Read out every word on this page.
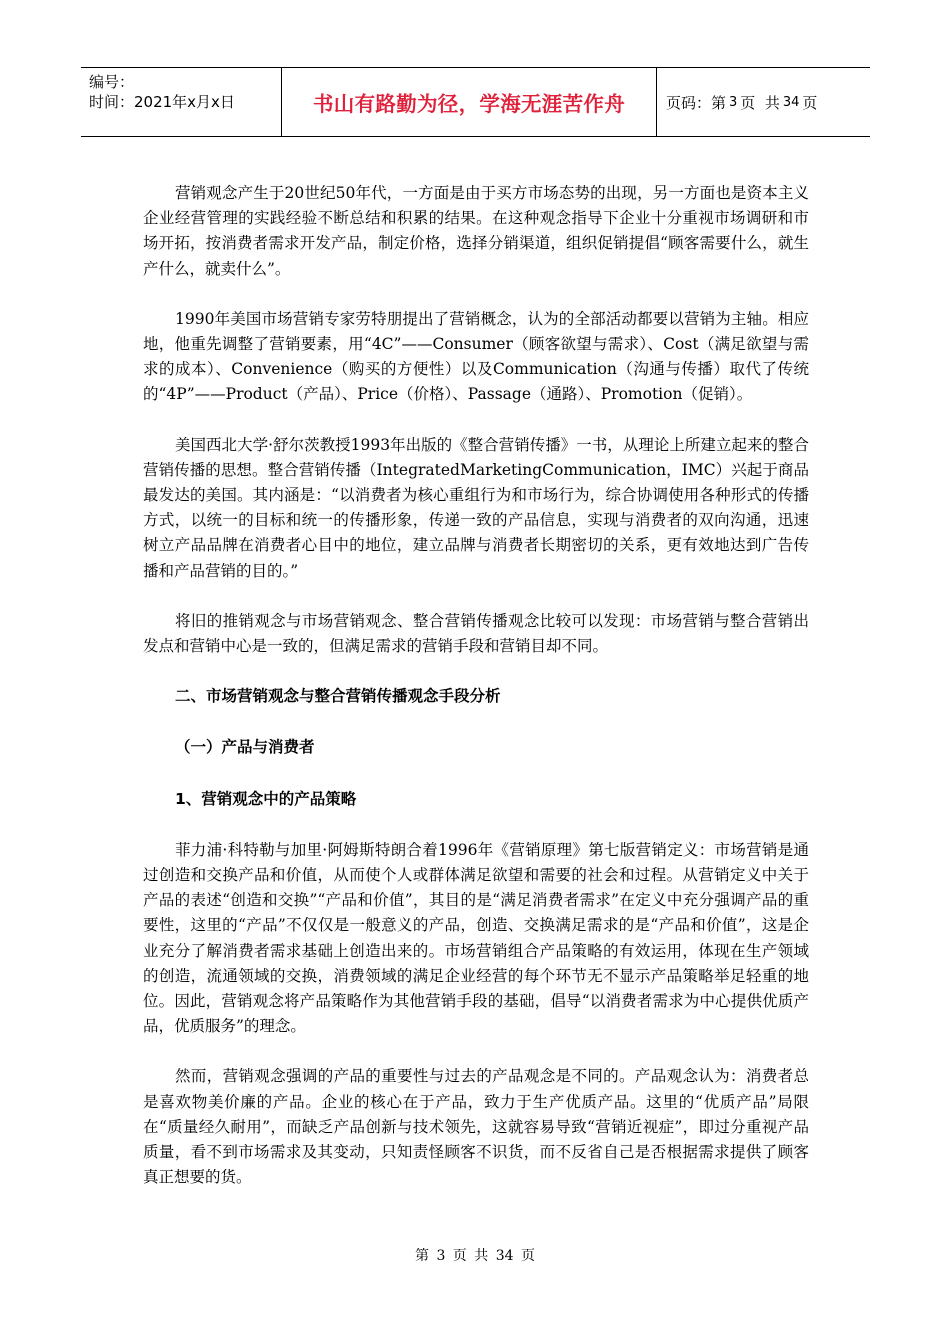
编号：
时间：2021年x月x日	书山有路勤为径，学海无涯苦作舟	页码：第 3 页  共 34 页

营销观念产生于20世纪50年代，一方面是由于买方市场态势的出现，另一方面也是资本主义企业经营管理的实践经验不断总结和积累的结果。在这种观念指导下企业十分重视市场调研和市场开拓，按消费者需求开发产品，制定价格，选择分销渠道，组织促销提倡“顾客需要什么，就生产什么，就卖什么”。

1990年美国市场营销专家劳特朋提出了营销概念，认为的全部活动都要以营销为主轴。相应地，他重先调整了营销要素，用“4C”——Consumer（顾客欲望与需求）、Cost（满足欲望与需求的成本）、Convenience（购买的方便性）以及Communication（沟通与传播）取代了传统的“4P”——Product（产品）、Price（价格）、Passage（通路）、Promotion（促销）。

美国西北大学·舒尔茨教授1993年出版的《整合营销传播》一书，从理论上所建立起来的整合营销传播的思想。整合营销传播（IntegratedMarketingCommunication，IMC）兴起于商品最发达的美国。其内涵是：“以消费者为核心重组行为和市场行为，综合协调使用各种形式的传播方式，以统一的目标和统一的传播形象，传递一致的产品信息，实现与消费者的双向沟通，迅速树立产品品牌在消费者心目中的地位，建立品牌与消费者长期密切的关系，更有效地达到广告传播和产品营销的目的。”

将旧的推销观念与市场营销观念、整合营销传播观念比较可以发现：市场营销与整合营销出发点和营销中心是一致的，但满足需求的营销手段和营销目却不同。

二、市场营销观念与整合营销传播观念手段分析
（一）产品与消费者
1、营销观念中的产品策略

菲力浦·科特勒与加里·阿姆斯特朗合着1996年《营销原理》第七版营销定义：市场营销是通过创造和交换产品和价值，从而使个人或群体满足欲望和需要的社会和过程。从营销定义中关于产品的表述“创造和交换”“产品和价值”，其目的是“满足消费者需求”在定义中充分强调产品的重要性，这里的“产品”不仅仅是一般意义的产品，创造、交换满足需求的是“产品和价值”，这是企业充分了解消费者需求基础上创造出来的。市场营销组合产品策略的有效运用，体现在生产领域的创造，流通领域的交换，消费领域的满足企业经营的每个环节无不显示产品策略举足轻重的地位。因此，营销观念将产品策略作为其他营销手段的基础，倡导“以消费者需求为中心提供优质产品，优质服务”的理念。

然而，营销观念强调的产品的重要性与过去的产品观念是不同的。产品观念认为：消费者总是喜欢物美价廉的产品。企业的核心在于产品，致力于生产优质产品。这里的“优质产品”局限在“质量经久耐用”，而缺乏产品创新与技术领先，这就容易导致“营销近视症”，即过分重视产品质量，看不到市场需求及其变动，只知责怪顾客不识货，而不反省自己是否根据需求提供了顾客真正想要的货。

第 3 页 共 34 页
